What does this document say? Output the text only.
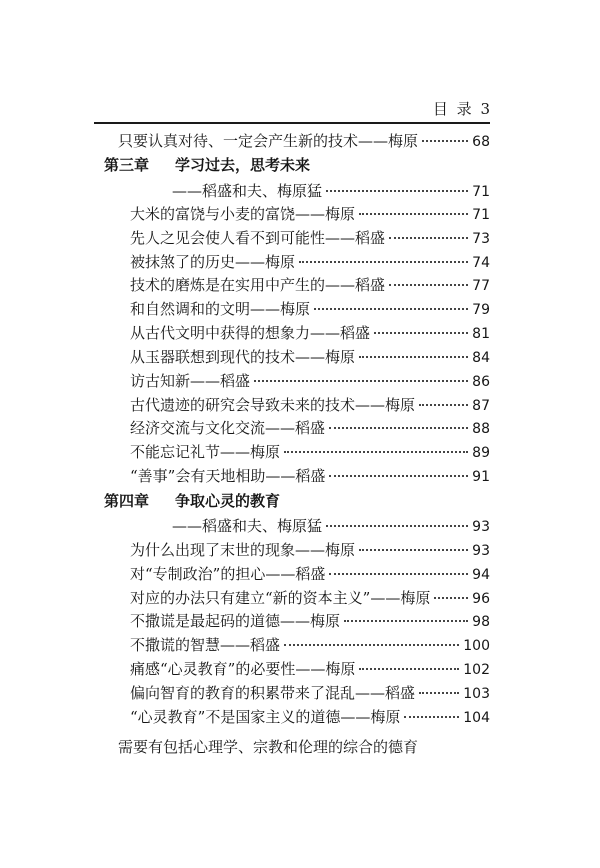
目 录 3
只要认真对待、一定会产生新的技术——梅原	68
第三章 学习过去，思考未来
——稻盛和夫、梅原猛	71
大米的富饶与小麦的富饶——梅原	71
先人之见会使人看不到可能性——稻盛	73
被抹煞了的历史——梅原	74
技术的磨炼是在实用中产生的——稻盛	77
和自然调和的文明——梅原	79
从古代文明中获得的想象力——稻盛	81
从玉器联想到现代的技术——梅原	84
访古知新——稻盛	86
古代遗迹的研究会导致未来的技术——梅原	87
经济交流与文化交流——稻盛	88
不能忘记礼节——梅原	89
“善事”会有天地相助——稻盛	91
第四章 争取心灵的教育
——稻盛和夫、梅原猛	93
为什么出现了末世的现象——梅原	93
对“专制政治”的担心——稻盛	94
对应的办法只有建立“新的资本主义”——梅原	96
不撒谎是最起码的道德——梅原	98
不撒谎的智慧——稻盛	100
痛感“心灵教育”的必要性——梅原	102
偏向智育的教育的积累带来了混乱——稻盛	103
“心灵教育”不是国家主义的道德——梅原	104
需要有包括心理学、宗教和伦理的综合的德育
